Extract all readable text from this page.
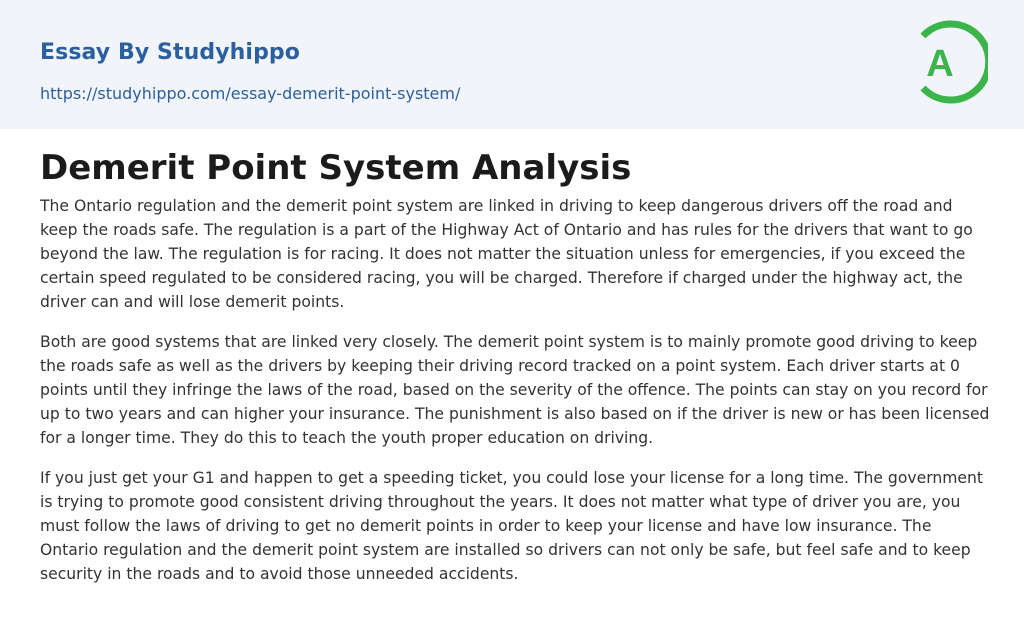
Essay By Studyhippo
https://studyhippo.com/essay-demerit-point-system/
A
Demerit Point System Analysis

The Ontario regulation and the demerit point system are linked in driving to keep dangerous drivers off the road and keep the roads safe. The regulation is a part of the Highway Act of Ontario and has rules for the drivers that want to go beyond the law. The regulation is for racing. It does not matter the situation unless for emergencies, if you exceed the certain speed regulated to be considered racing, you will be charged. Therefore if charged under the highway act, the driver can and will lose demerit points.

Both are good systems that are linked very closely. The demerit point system is to mainly promote good driving to keep the roads safe as well as the drivers by keeping their driving record tracked on a point system. Each driver starts at 0 points until they infringe the laws of the road, based on the severity of the offence. The points can stay on you record for up to two years and can higher your insurance. The punishment is also based on if the driver is new or has been licensed for a longer time. They do this to teach the youth proper education on driving.

If you just get your G1 and happen to get a speeding ticket, you could lose your license for a long time. The government is trying to promote good consistent driving throughout the years. It does not matter what type of driver you are, you must follow the laws of driving to get no demerit points in order to keep your license and have low insurance. The Ontario regulation and the demerit point system are installed so drivers can not only be safe, but feel safe and to keep security in the roads and to avoid those unneeded accidents.
